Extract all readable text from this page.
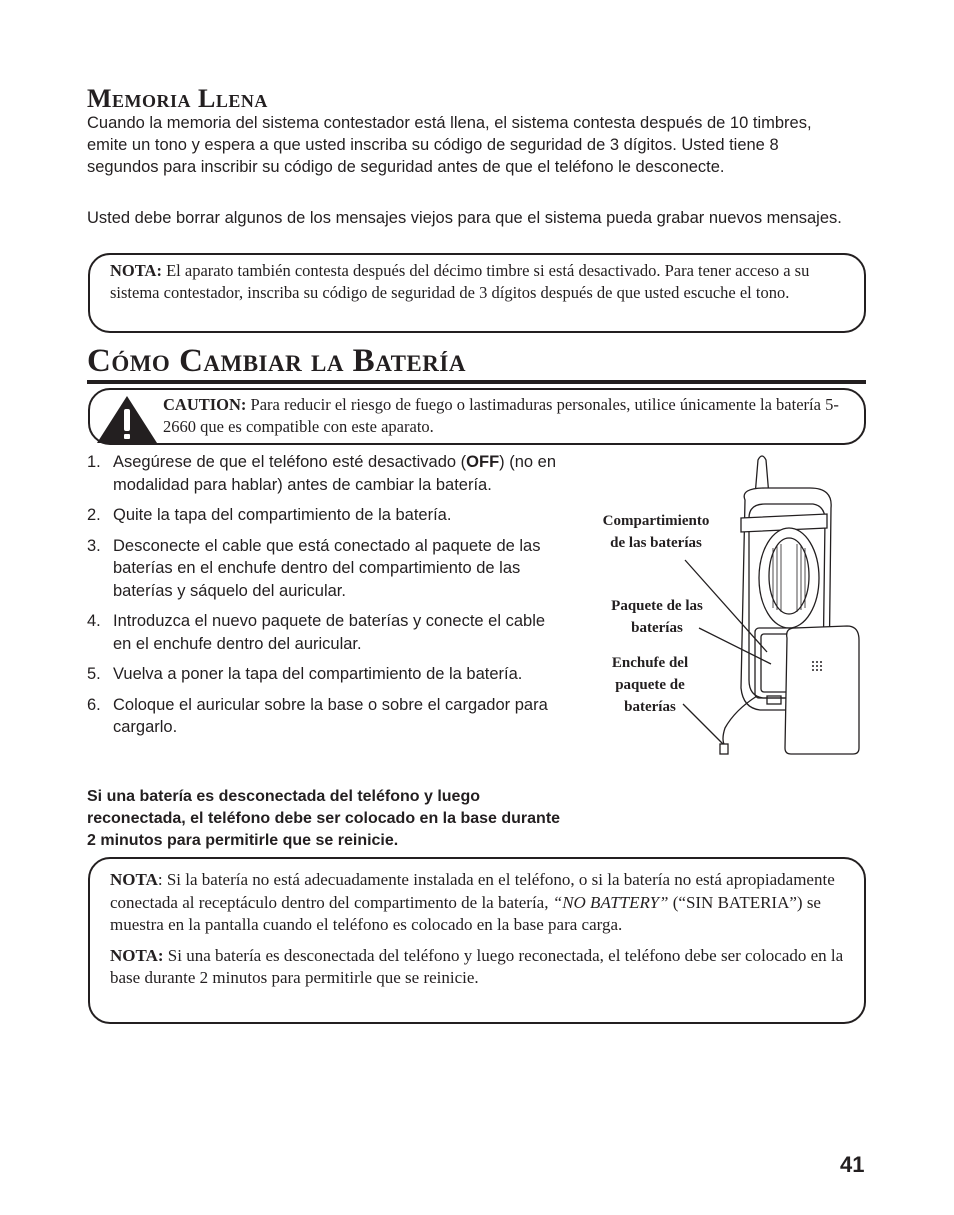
Memoria Llena

Cuando la memoria del sistema contestador está llena, el sistema contesta después de 10 timbres, emite un tono y espera a que usted inscriba su código de seguridad de 3 dígitos. Usted tiene 8 segundos para inscribir su código de seguridad antes de que el teléfono le desconecte.

Usted debe borrar algunos de los mensajes viejos para que el sistema pueda grabar nuevos mensajes.

NOTA: El aparato también contesta después del décimo timbre si está desactivado. Para tener acceso a su sistema contestador, inscriba su código de seguridad de 3 dígitos después de que usted escuche el tono.
Cómo Cambiar la Batería
CAUTION: Para reducir el riesgo de fuego o lastimaduras personales, utilice únicamente la batería 5-2660 que es compatible con este aparato.
1. Asegúrese de que el teléfono esté desactivado (OFF) (no en modalidad para hablar) antes de cambiar la batería.
2. Quite la tapa del compartimiento de la batería.
3. Desconecte el cable que está conectado al paquete de las baterías en el enchufe dentro del compartimiento de las baterías y sáquelo del auricular.
4. Introduzca el nuevo paquete de baterías y conecte el cable en el enchufe dentro del auricular.
5. Vuelva a poner la tapa del compartimiento de la batería.
6. Coloque el auricular sobre la base o sobre el cargador para cargarlo.

Si una batería es desconectada del teléfono y luego reconectada, el teléfono debe ser colocado en la base durante 2 minutos para permitirle que se reinicie.

Compartimiento
de las baterías
Paquete de las
baterías
Enchufe del
paquete de
baterías

NOTA: Si la batería no está adecuadamente instalada en el teléfono, o si la batería no está apropiadamente conectada al receptáculo dentro del compartimento de la batería, “NO BATTERY” (“SIN BATERIA”) se muestra en la pantalla cuando el teléfono es colocado en la base para carga.

NOTA: Si una batería es desconectada del teléfono y luego reconectada, el teléfono debe ser colocado en la base durante 2 minutos para permitirle que se reinicie.

41
